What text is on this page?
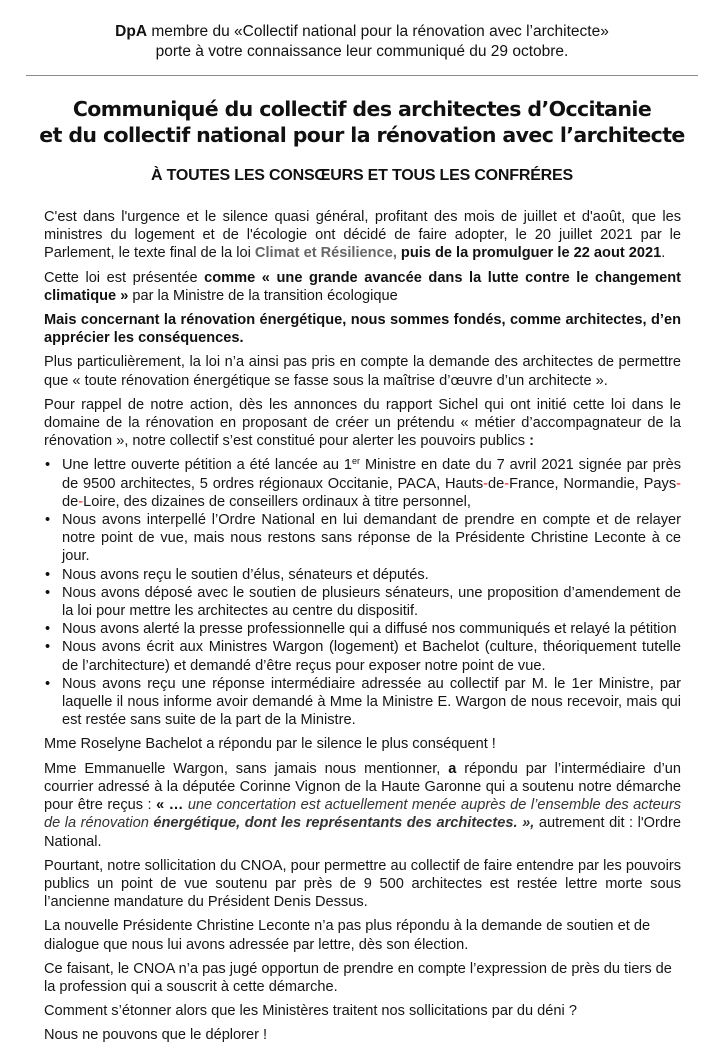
DpA membre du «Collectif national pour la rénovation avec l’architecte»
porte à votre connaissance leur communiqué du 29 octobre.
Communiqué du collectif des architectes d’Occitanie
et du collectif national pour la rénovation avec l’architecte
À TOUTES LES CONSŒURS ET TOUS LES CONFRÉRES

C'est dans l'urgence et le silence quasi général, profitant des mois de juillet et d'août, que les ministres du logement et de l'écologie ont décidé de faire adopter, le 20 juillet 2021 par le Parlement, le texte final de la loi Climat et Résilience, puis de la promulguer le 22 aout 2021.

Cette loi est présentée comme « une grande avancée dans la lutte contre le changement climatique » par la Ministre de la transition écologique

Mais concernant la rénovation énergétique, nous sommes fondés, comme architectes, d’en apprécier les conséquences.

Plus particulièrement, la loi n’a ainsi pas pris en compte la demande des architectes de permettre que « toute rénovation énergétique se fasse sous la maîtrise d’œuvre d’un architecte ».

Pour rappel de notre action, dès les annonces du rapport Sichel qui ont initié cette loi dans le domaine de la rénovation en proposant de créer un prétendu « métier d’accompagnateur de la rénovation », notre collectif s’est constitué pour alerter les pouvoirs publics :

• Une lettre ouverte pétition a été lancée au 1er Ministre en date du 7 avril 2021 signée par près de 9500 architectes, 5 ordres régionaux Occitanie, PACA, Hauts-de-France, Normandie, Pays-de-Loire, des dizaines de conseillers ordinaux à titre personnel,
• Nous avons interpellé l’Ordre National en lui demandant de prendre en compte et de relayer notre point de vue, mais nous restons sans réponse de la Présidente Christine Leconte à ce jour.
• Nous avons reçu le soutien d’élus, sénateurs et députés.
• Nous avons déposé avec le soutien de plusieurs sénateurs, une proposition d’amendement de la loi pour mettre les architectes au centre du dispositif.
• Nous avons alerté la presse professionnelle qui a diffusé nos communiqués et relayé la pétition
• Nous avons écrit aux Ministres Wargon (logement) et Bachelot (culture, théoriquement tutelle de l’architecture) et demandé d’être reçus pour exposer notre point de vue.
• Nous avons reçu une réponse intermédiaire adressée au collectif par M. le 1er Ministre, par laquelle il nous informe avoir demandé à Mme la Ministre E. Wargon de nous recevoir, mais qui est restée sans suite de la part de la Ministre.

Mme Roselyne Bachelot a répondu par le silence le plus conséquent !

Mme Emmanuelle Wargon, sans jamais nous mentionner, a répondu par l’intermédiaire d’un courrier adressé à la députée Corinne Vignon de la Haute Garonne qui a soutenu notre démarche pour être reçus : « … une concertation est actuellement menée auprès de l’ensemble des acteurs de la rénovation énergétique, dont les représentants des architectes. », autrement dit : l'Ordre National.

Pourtant, notre sollicitation du CNOA, pour permettre au collectif de faire entendre par les pouvoirs publics un point de vue soutenu par près de 9 500 architectes est restée lettre morte sous l’ancienne mandature du Président Denis Dessus.

La nouvelle Présidente Christine Leconte n’a pas plus répondu à la demande de soutien et de dialogue que nous lui avons adressée par lettre, dès son élection.

Ce faisant, le CNOA n’a pas jugé opportun de prendre en compte l’expression de près du tiers de la profession qui a souscrit à cette démarche.

Comment s’étonner alors que les Ministères traitent nos sollicitations par du déni ?

Nous ne pouvons que le déplorer !
